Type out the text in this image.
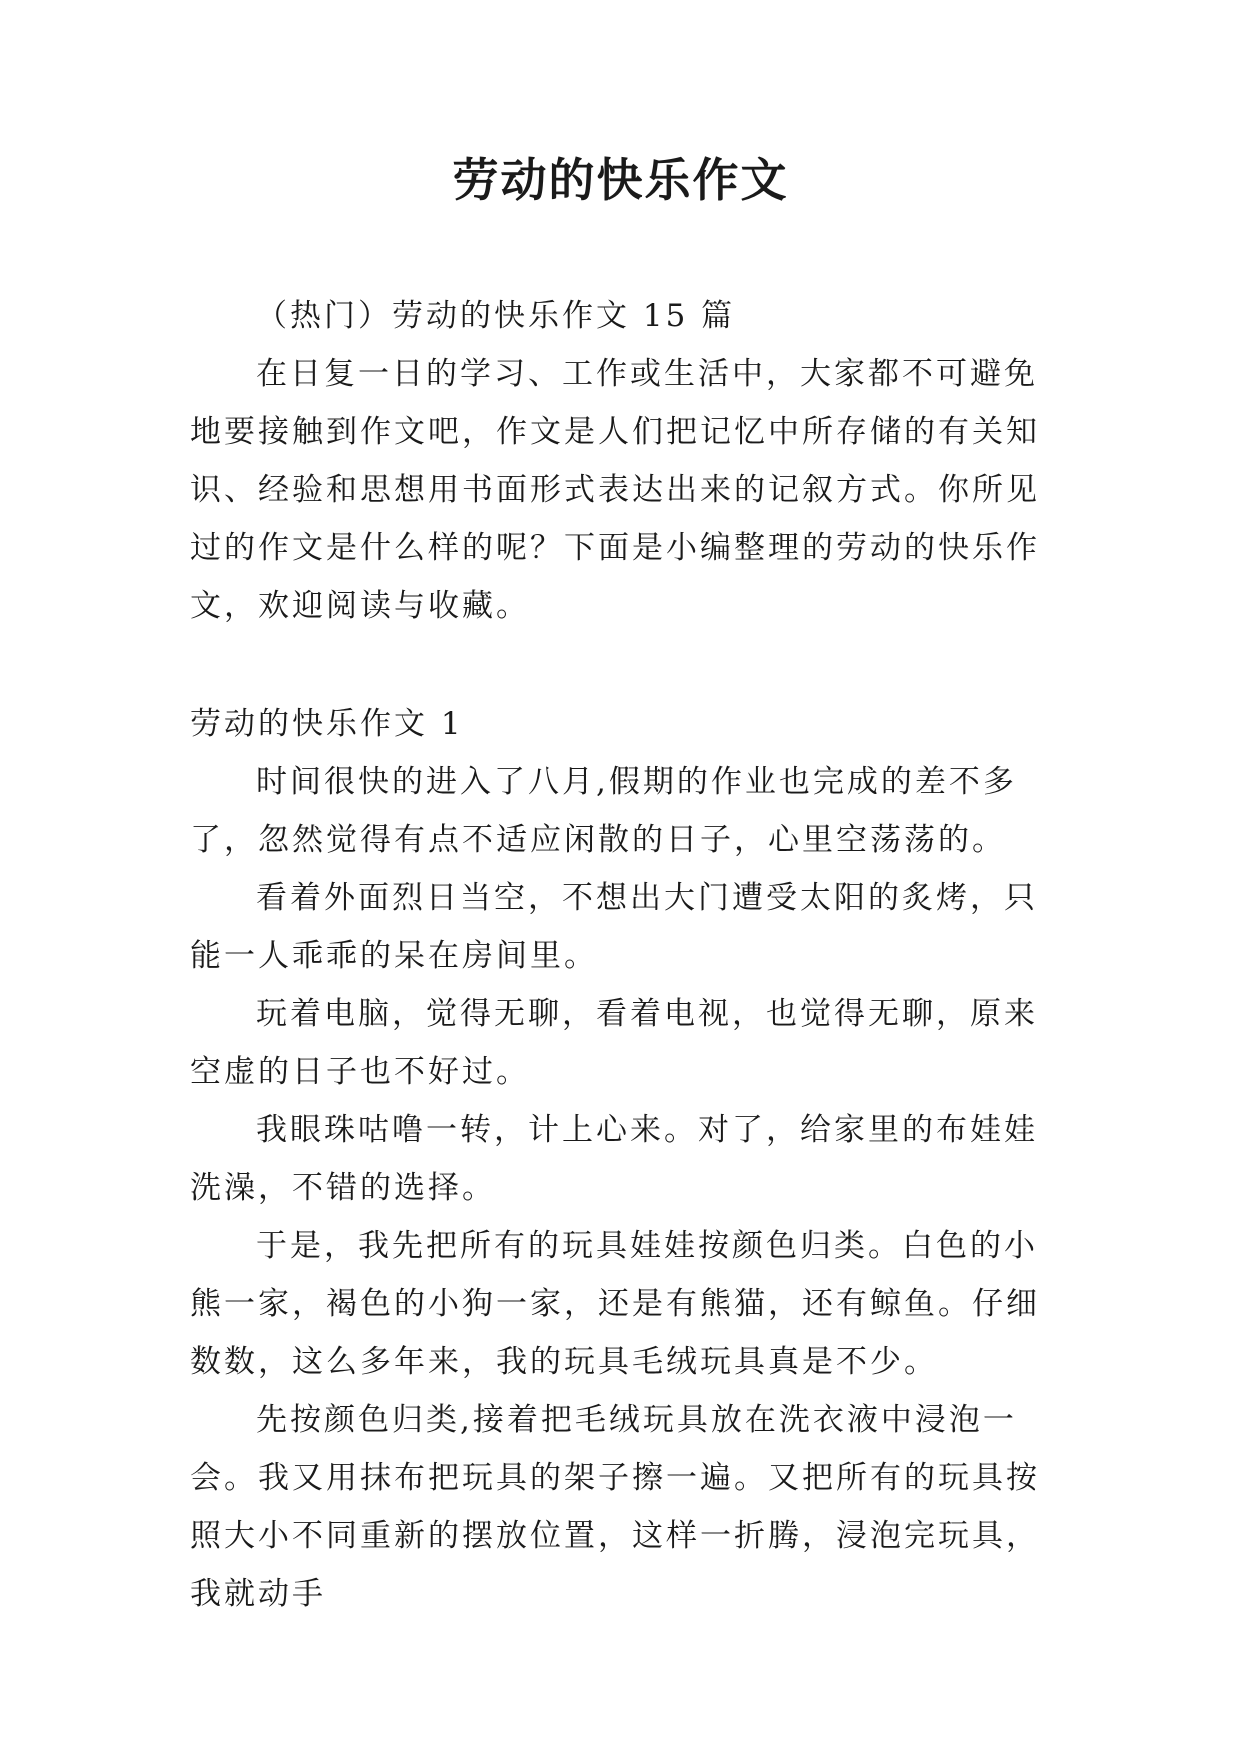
劳动的快乐作文
（热门）劳动的快乐作文 15 篇
在日复一日的学习、工作或生活中，大家都不可避免地要接触到作文吧，作文是人们把记忆中所存储的有关知识、经验和思想用书面形式表达出来的记叙方式。你所见过的作文是什么样的呢？下面是小编整理的劳动的快乐作文，欢迎阅读与收藏。
劳动的快乐作文 1

时间很快的进入了八月,假期的作业也完成的差不多了，忽然觉得有点不适应闲散的日子，心里空荡荡的。

看着外面烈日当空，不想出大门遭受太阳的炙烤，只能一人乖乖的呆在房间里。

玩着电脑，觉得无聊，看着电视，也觉得无聊，原来空虚的日子也不好过。

我眼珠咕噜一转，计上心来。对了，给家里的布娃娃洗澡，不错的选择。

于是，我先把所有的玩具娃娃按颜色归类。白色的小熊一家，褐色的小狗一家，还是有熊猫，还有鲸鱼。仔细数数，这么多年来，我的玩具毛绒玩具真是不少。

先按颜色归类,接着把毛绒玩具放在洗衣液中浸泡一会。我又用抹布把玩具的架子擦一遍。又把所有的玩具按照大小不同重新的摆放位置，这样一折腾，浸泡完玩具，我就动手
